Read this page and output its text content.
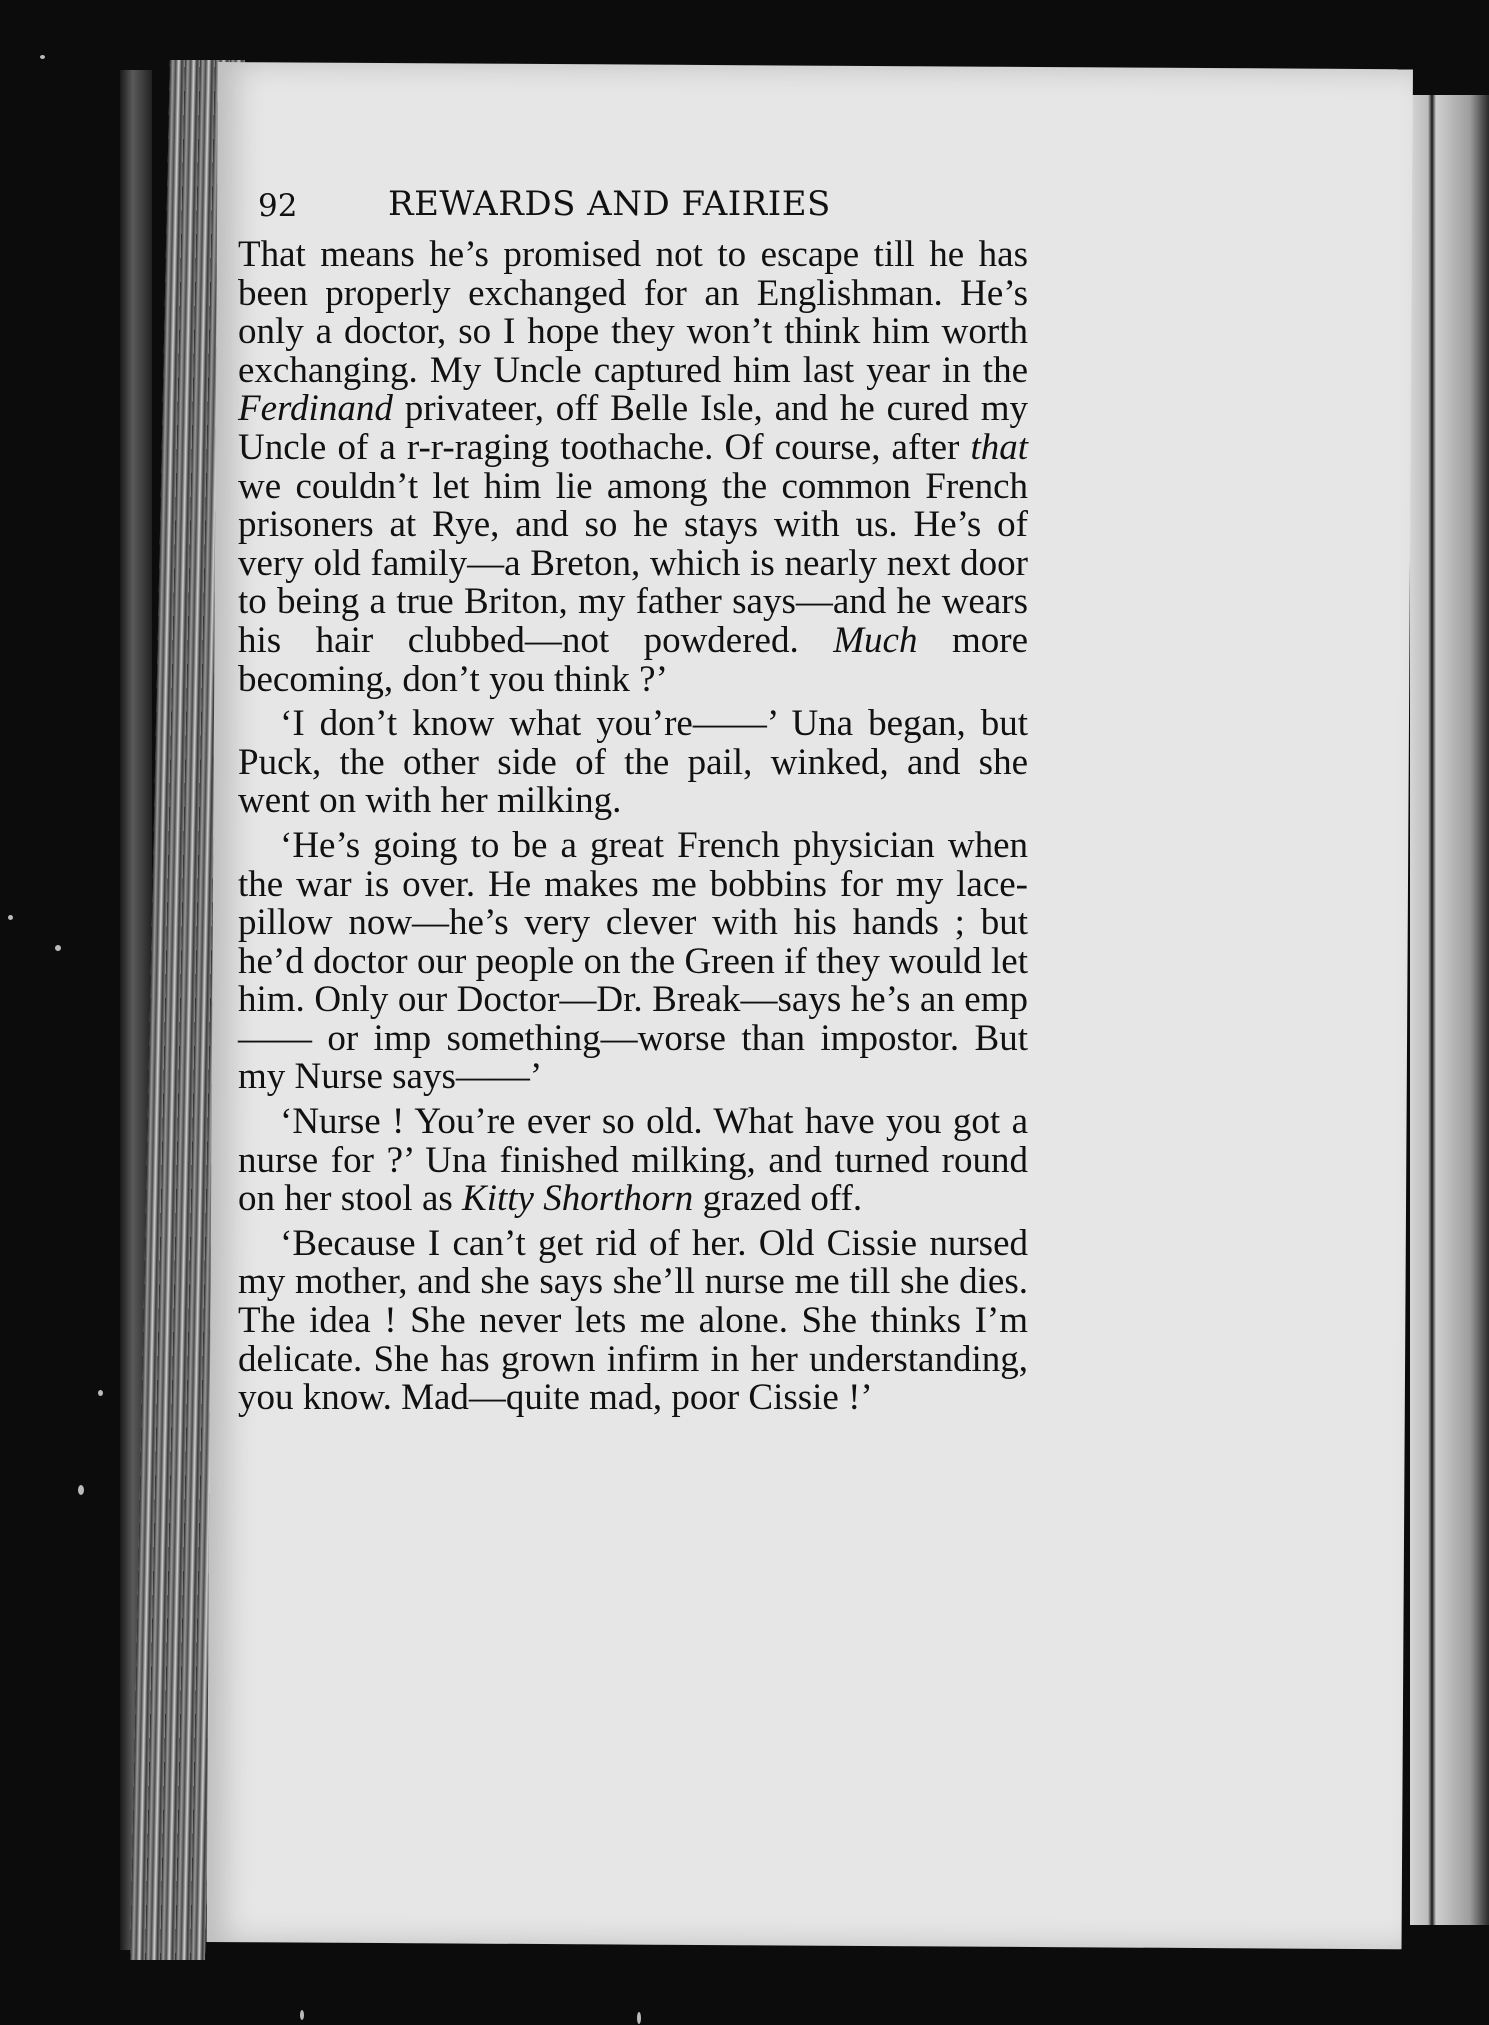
92	REWARDS AND FAIRIES

That means he’s promised not to escape till he has been properly exchanged for an Englishman. He’s only a doctor, so I hope they won’t think him worth exchanging. My Uncle captured him last year in the Ferdinand privateer, off Belle Isle, and he cured my Uncle of a r-r-raging toothache. Of course, after that we couldn’t let him lie among the common French prisoners at Rye, and so he stays with us. He’s of very old family—a Breton, which is nearly next door to being a true Briton, my father says—and he wears his hair clubbed—not powdered. Much more becoming, don’t you think ?’

‘I don’t know what you’re——’ Una began, but Puck, the other side of the pail, winked, and she went on with her milking.

‘He’s going to be a great French physician when the war is over. He makes me bobbins for my lace-pillow now—he’s very clever with his hands ; but he’d doctor our people on the Green if they would let him. Only our Doctor—Dr. Break—says he’s an emp—— or imp something—worse than impostor. But my Nurse says——’

‘Nurse ! You’re ever so old. What have you got a nurse for ?’ Una finished milking, and turned round on her stool as Kitty Shorthorn grazed off.

‘Because I can’t get rid of her. Old Cissie nursed my mother, and she says she’ll nurse me till she dies. The idea ! She never lets me alone. She thinks I’m delicate. She has grown infirm in her understanding, you know. Mad—quite mad, poor Cissie !’
